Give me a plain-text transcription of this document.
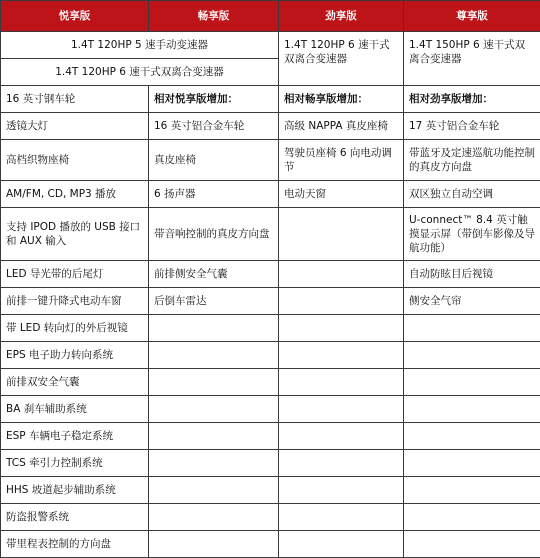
悦享版	畅享版	劲享版	尊享版
1.4T 120HP 5 速手动变速器		1.4T 120HP 6 速干式双离合变速器	1.4T 150HP 6 速干式双离合变速器
1.4T 120HP 6 速干式双离合变速器			
16 英寸钢车轮	相对悦享版增加：	相对畅享版增加：	相对劲享版增加：
透镜大灯	16 英寸铝合金车轮	高级 NAPPA 真皮座椅	17 英寸铝合金车轮
高档织物座椅	真皮座椅	驾驶员座椅 6 向电动调节	带蓝牙及定速巡航功能控制的真皮方向盘
AM/FM, CD, MP3 播放	6 扬声器	电动天窗	双区独立自动空调
支持 IPOD 播放的 USB 接口和 AUX 输入	带音响控制的真皮方向盘		U-connect™ 8.4 英寸触摸显示屏（带倒车影像及导航功能）
LED 导光带的后尾灯	前排侧安全气囊		自动防眩目后视镜
前排一键升降式电动车窗	后倒车雷达		侧安全气帘
带 LED 转向灯的外后视镜			
EPS 电子助力转向系统			
前排双安全气囊			
BA 刹车辅助系统			
ESP 车辆电子稳定系统			
TCS 牵引力控制系统			
HHS 坡道起步辅助系统			
防盗报警系统			
带里程表控制的方向盘			
